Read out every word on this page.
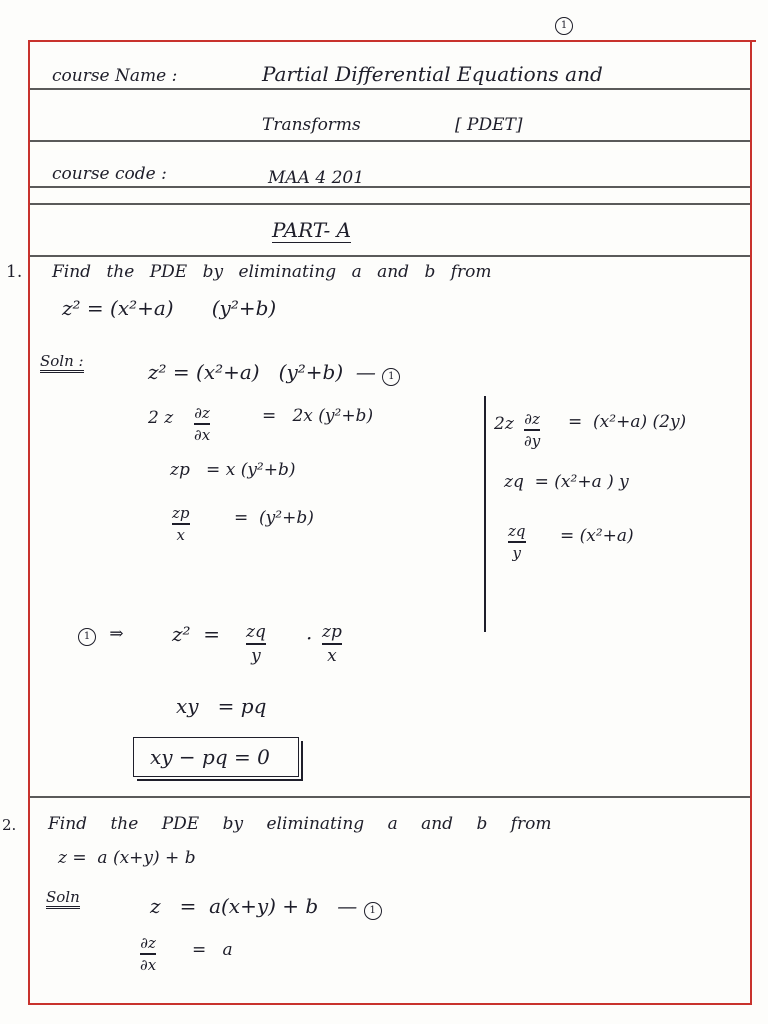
1
course Name :	Partial Differential Equations and
Transforms	[ PDET]
course code :	MAA 4 201
PART- A
1. Find the PDE by eliminating a and b from
z² = (x²+a)      (y²+b)
Soln :	z² = (x²+a)   (y²+b)  — 1
2 z ∂z
∂x
=   2x (y²+b)
zp   = x (y²+b)
zp
x
=  (y²+b)
2z ∂z
∂y
=  (x²+a) (2y)
zq  = (x²+a ) y
zq
y
= (x²+a)
1 ⇒ z²  = zq
y
· zp
x
xy   = pq
xy − pq = 0
2. Find the PDE by eliminating a and b from
z =  a (x+y) + b
Soln	z   =  a(x+y) + b   — 1
∂z
∂x
=   a
